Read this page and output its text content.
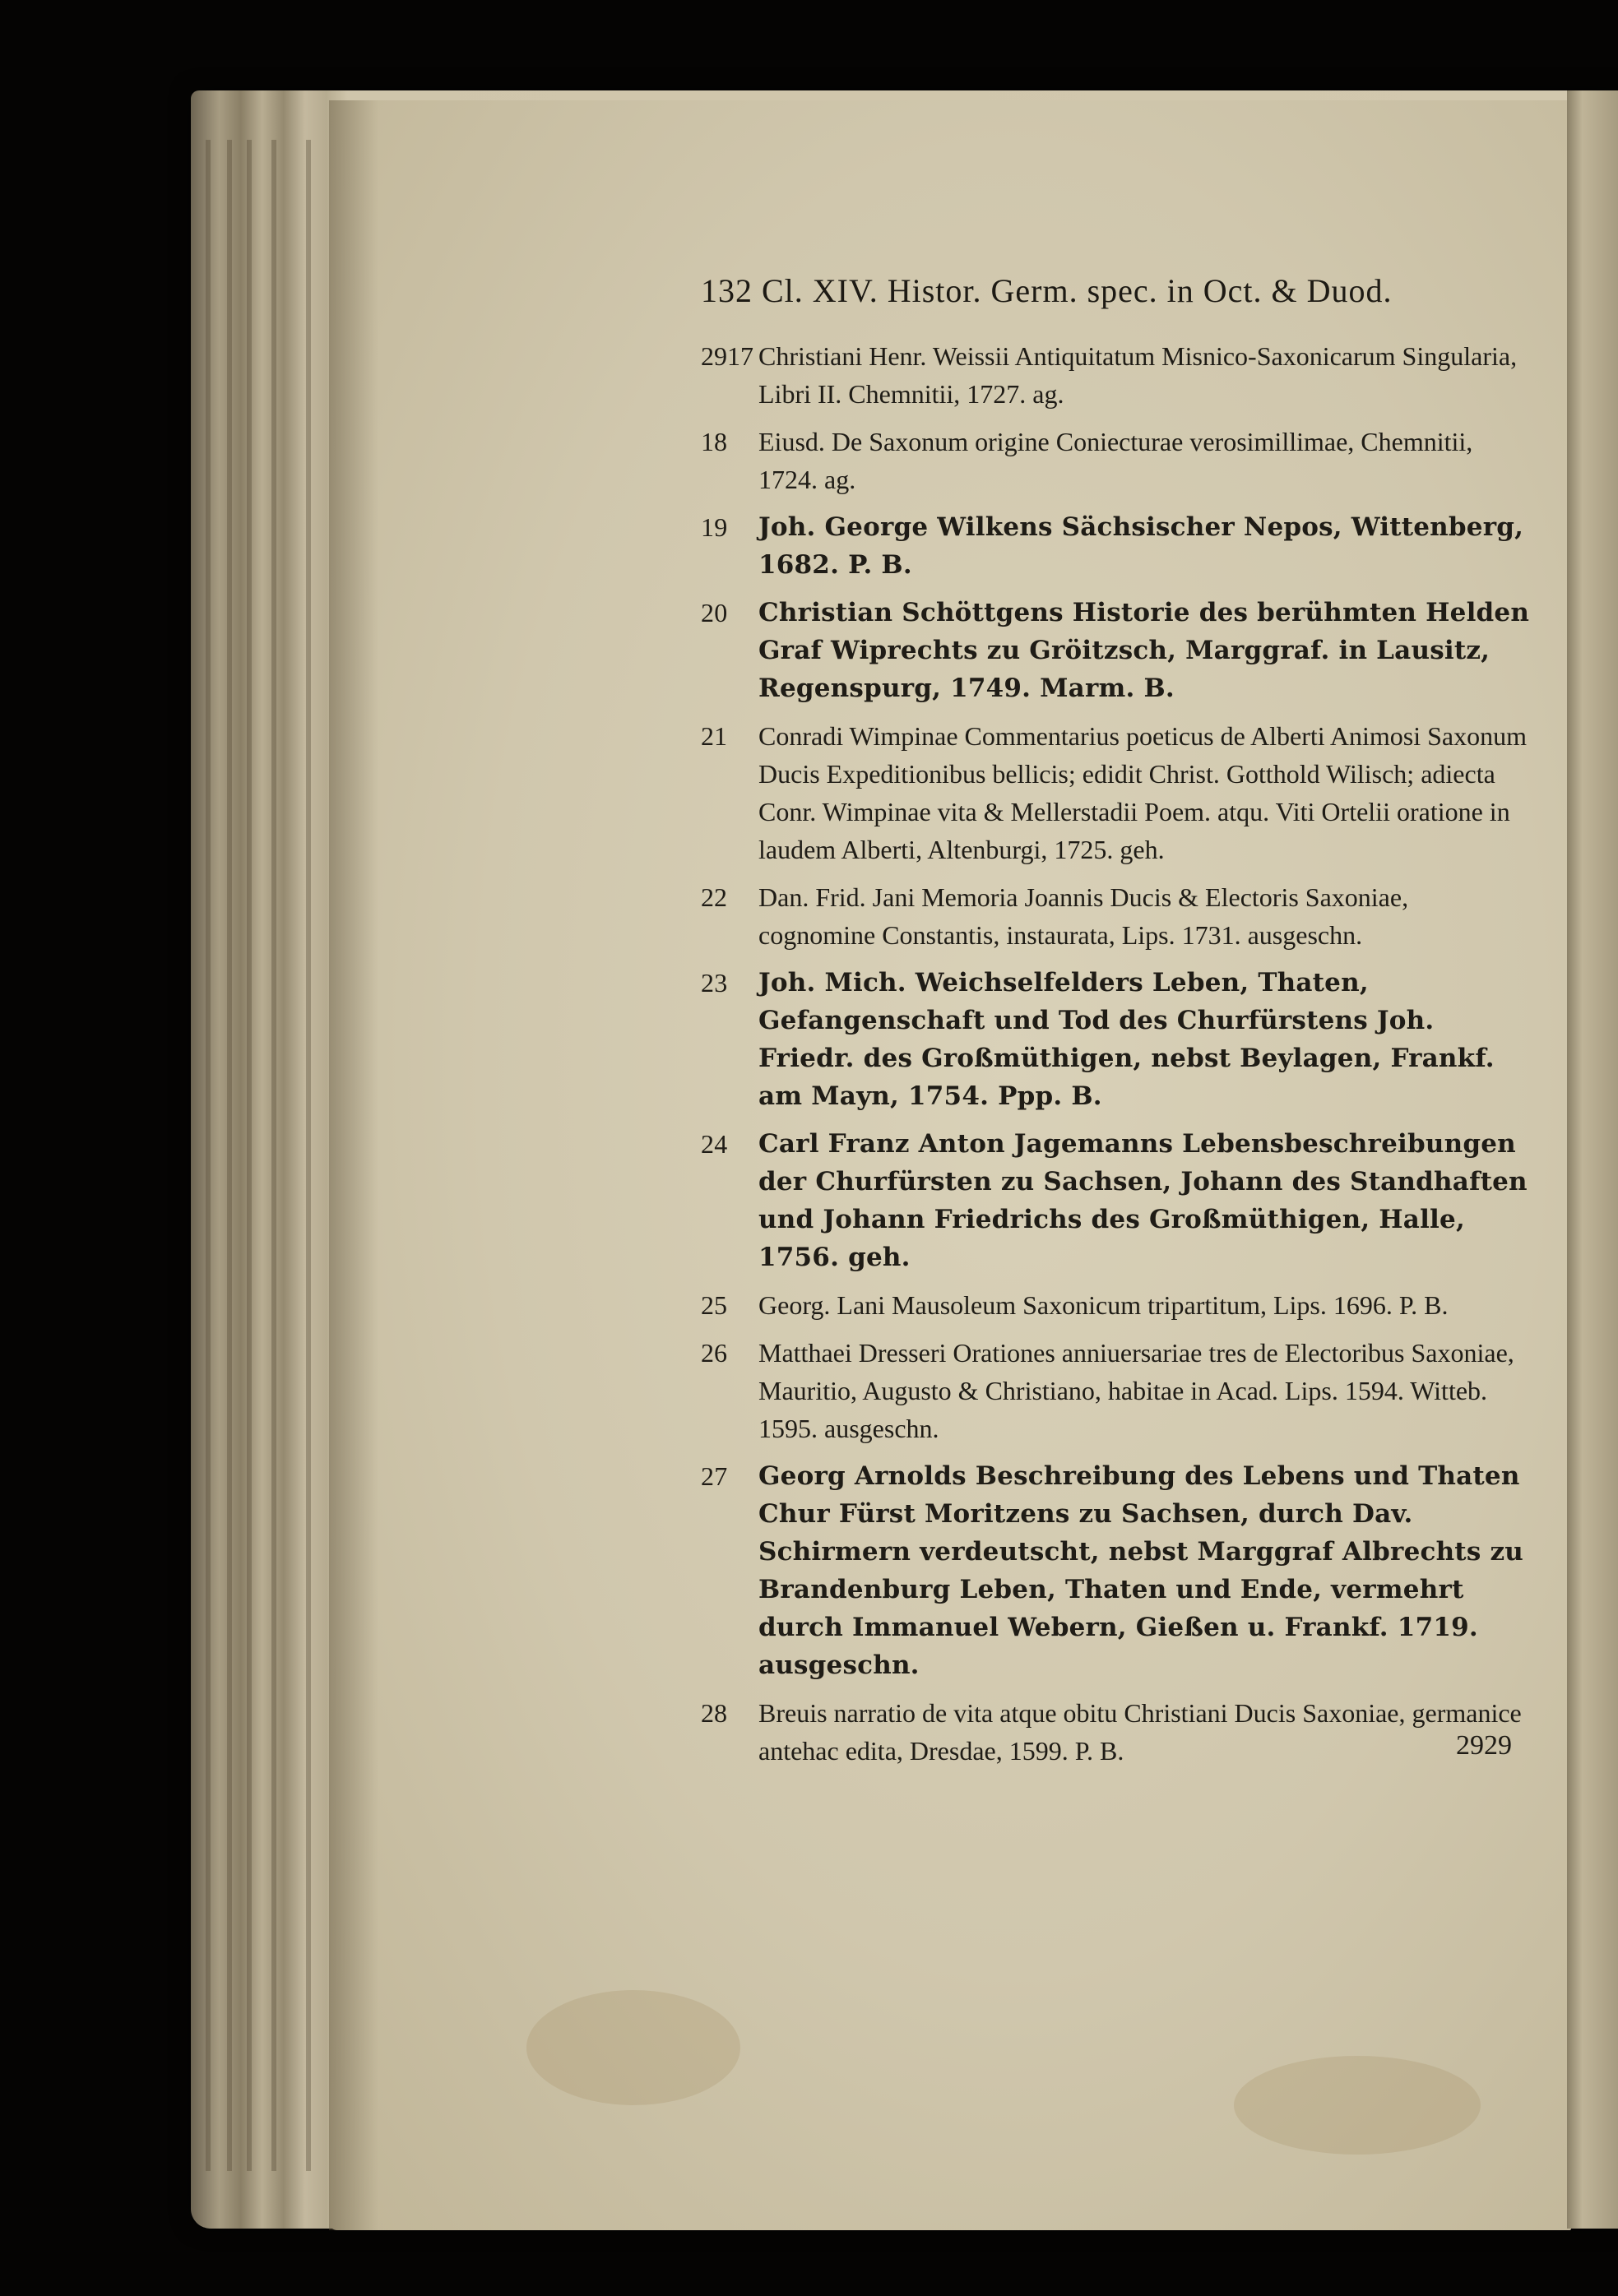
132 Cl. XIV. Histor. Germ. spec. in Oct. & Duod.
2917 Christiani Henr. Weissii Antiquitatum Misnico-Saxonicarum Singularia, Libri II. Chemnitii, 1727. ag.
18 Eiusd. De Saxonum origine Coniecturae verosimillimae, Chemnitii, 1724. ag.
19 Joh. George Wilkens Sächsischer Nepos, Wittenberg, 1682. P. B.
20 Christian Schöttgens Historie des berühmten Helden Graf Wiprechts zu Gröitzsch, Marggraf. in Lausitz, Regenspurg, 1749. Marm. B.
21 Conradi Wimpinae Commentarius poeticus de Alberti Animosi Saxonum Ducis Expeditionibus bellicis; edidit Christ. Gotthold Wilisch; adiecta Conr. Wimpinae vita & Mellerstadii Poem. atqu. Viti Ortelii oratione in laudem Alberti, Altenburgi, 1725. geh.
22 Dan. Frid. Jani Memoria Joannis Ducis & Electoris Saxoniae, cognomine Constantis, instaurata, Lips. 1731. ausgeschn.
23 Joh. Mich. Weichselfelders Leben, Thaten, Gefangenschaft und Tod des Churfürstens Joh. Friedr. des Großmüthigen, nebst Beylagen, Frankf. am Mayn, 1754. Ppp. B.
24 Carl Franz Anton Jagemanns Lebensbeschreibungen der Churfürsten zu Sachsen, Johann des Standhaften und Johann Friedrichs des Großmüthigen, Halle, 1756. geh.
25 Georg. Lani Mausoleum Saxonicum tripartitum, Lips. 1696. P. B.
26 Matthaei Dresseri Orationes anniuersariae tres de Electoribus Saxoniae, Mauritio, Augusto & Christiano, habitae in Acad. Lips. 1594. Witteb. 1595. ausgeschn.
27 Georg Arnolds Beschreibung des Lebens und Thaten Chur Fürst Moritzens zu Sachsen, durch Dav. Schirmern verdeutscht, nebst Marggraf Albrechts zu Brandenburg Leben, Thaten und Ende, vermehrt durch Immanuel Webern, Gießen u. Frankf. 1719. ausgeschn.
28 Breuis narratio de vita atque obitu Christiani Ducis Saxoniae, germanice antehac edita, Dresdae, 1599. P. B.	2929
